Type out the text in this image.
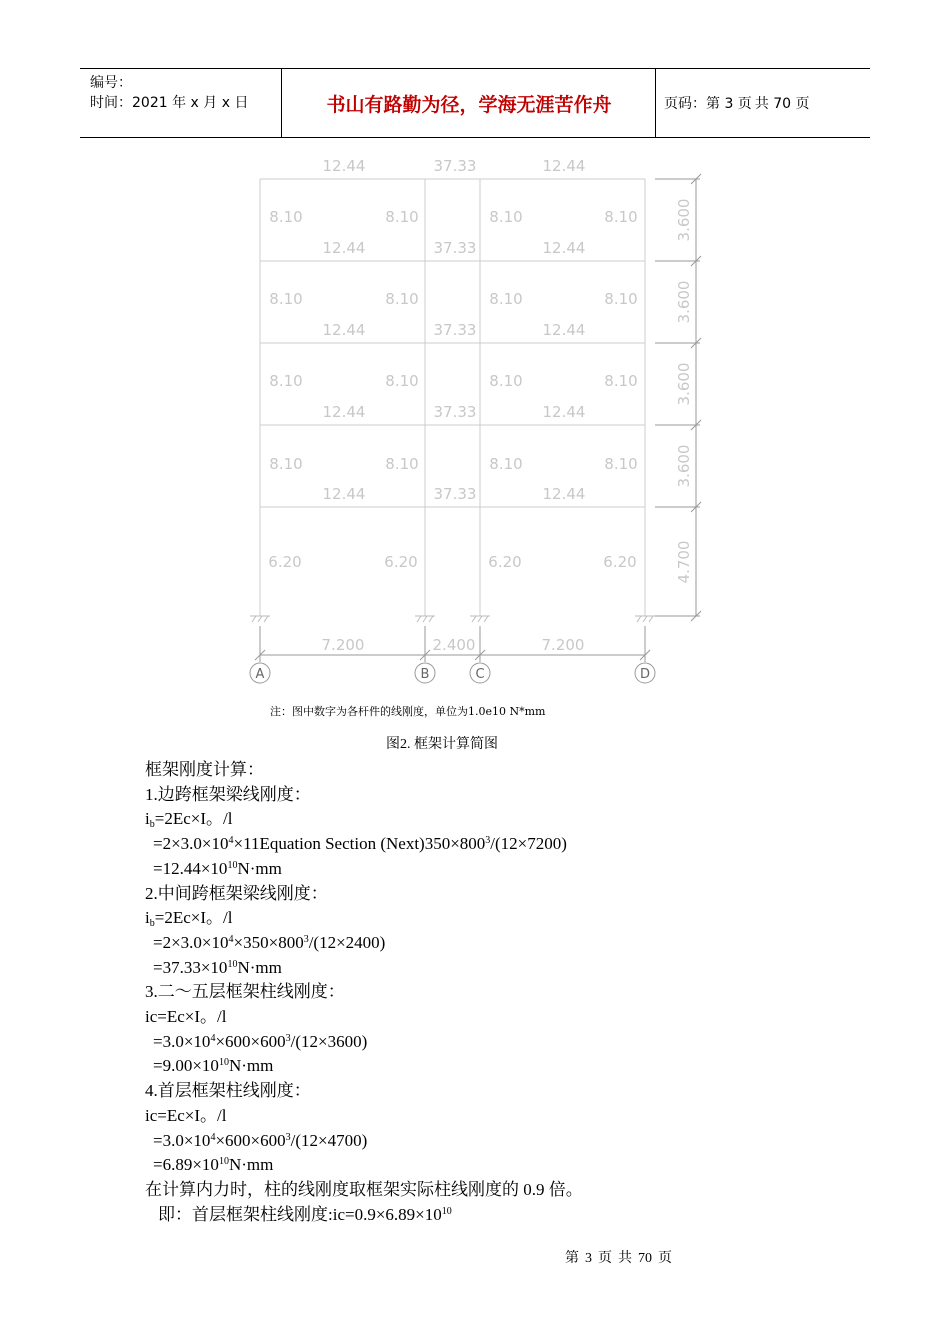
编号：
时间：2021 年 x 月 x 日	书山有路勤为径，学海无涯苦作舟	页码：第 3 页 共 70 页
12.44	37.33	12.44
12.44	37.33	12.44
12.44	37.33	12.44
12.44	37.33	12.44
12.44	37.33	12.44
8.10	8.10	8.10	8.10
8.10	8.10	8.10	8.10
8.10	8.10	8.10	8.10
8.10	8.10	8.10	8.10
6.20	6.20	6.20	6.20
3.600
3.600
3.600
3.600
4.700
7.200	2.400	7.200
A	B	C	D
注：图中数字为各杆件的线刚度，单位为1.0e10 N*mm
图2. 框架计算简图
框架刚度计算：
1.边跨框架梁线刚度：
$i_b=2Ec\times I$。/l
$=2\times 3.0\times 10^4\times 11Equation$ Section $(Next)350\times 800^3/(12\times 7200)$
$=12.44\times 10^{10}N\cdot mm$
2.中间跨框架梁线刚度：
$i_b=2Ec\times I$。/l
$=2\times 3.0\times 10^4\times 350\times 800^3/(12\times 2400)$
$=37.33\times 10^{10}N\cdot mm$
3.二～五层框架柱线刚度：
ic=Ec×I。/l
$=3.0\times 10^4\times 600\times 600^3/(12\times 3600)$
$=9.00\times 10^{10}N\cdot mm$
4.首层框架柱线刚度：
ic=Ec×I。/l
$=3.0\times 10^4\times 600\times 600^3/(12\times 4700)$
$=6.89\times 10^{10}N\cdot mm$
在计算内力时，柱的线刚度取框架实际柱线刚度的 0.9 倍。
即：首层框架柱线刚度$:ic=0.9\times 6.89\times 10^{10}$
第 3 页 共 70 页
